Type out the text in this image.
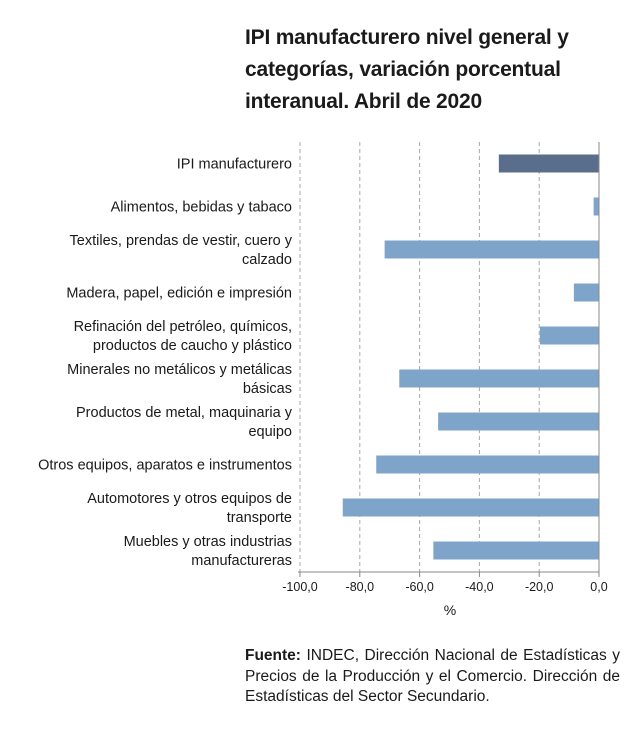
IPI manufacturero nivel general y
categorías, variación porcentual
interanual. Abril de 2020
-100,0 -80,0	-60,0	-40,0	-20,0	0,0
IPI manufacturero
Alimentos, bebidas y tabaco
Textiles, prendas de vestir, cuero y calzado
Madera, papel, edición e impresión
Refinación del petróleo, químicos, productos de caucho y plástico
Minerales no metálicos y metálicas básicas
Productos de metal, maquinaria y equipo
Otros equipos, aparatos e instrumentos
Automotores y otros equipos de transporte
Muebles y otras industrias manufactureras
%
Fuente: INDEC, Dirección Nacional de Estadísticas y Precios de la Producción y el Comercio. Dirección de Estadísticas del Sector Secundario.
